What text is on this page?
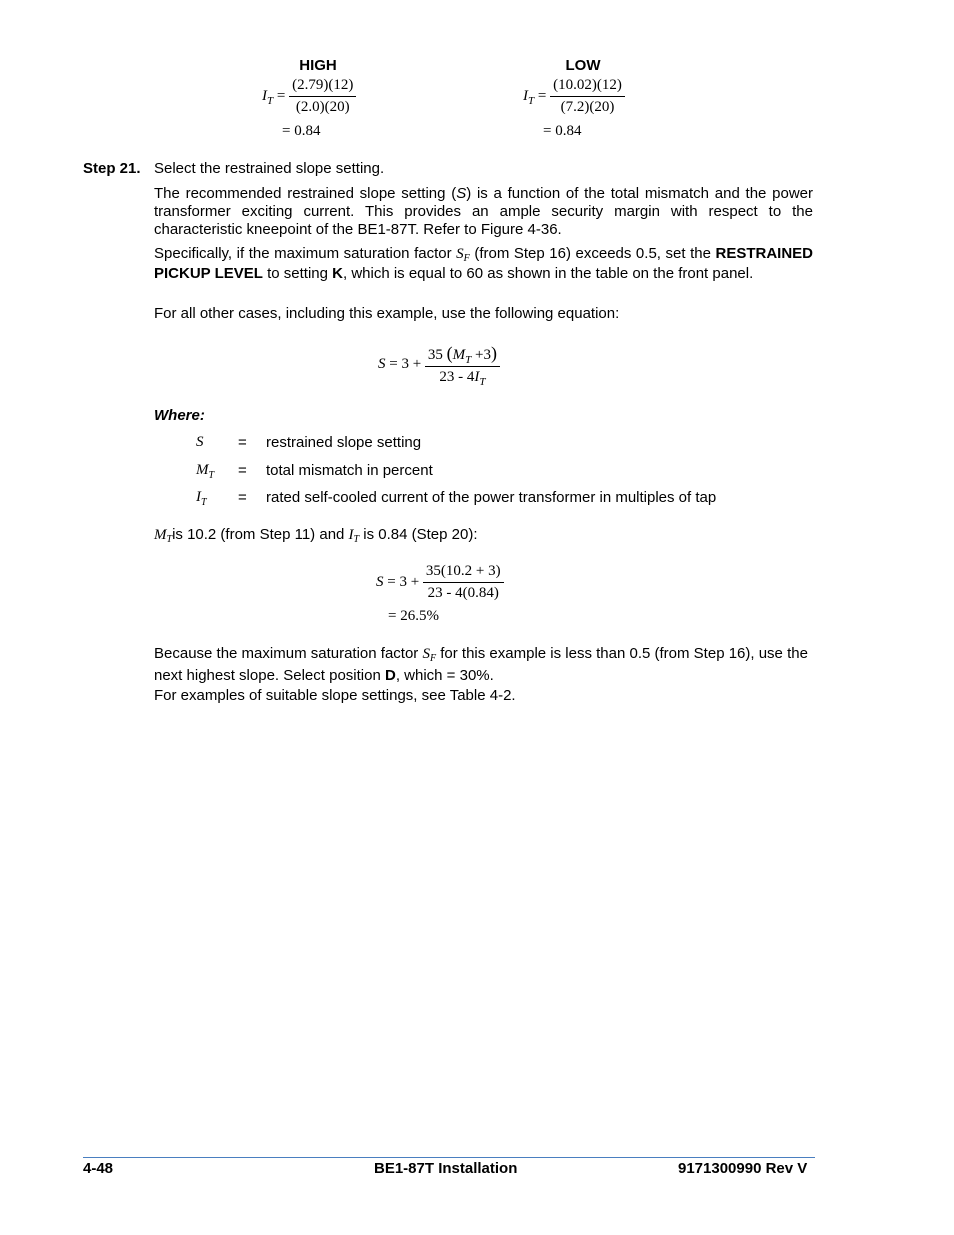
HIGH
$I_T = \frac{(2.79)(12)}{(2.0)(20)}$
= 0.84
LOW
$I_T = \frac{(10.02)(12)}{(7.2)(20)}$
= 0.84
Step 21. Select the restrained slope setting.
The recommended restrained slope setting (S) is a function of the total mismatch and the power transformer exciting current. This provides an ample security margin with respect to the characteristic kneepoint of the BE1-87T. Refer to Figure 4-36.
Specifically, if the maximum saturation factor $S_F$ (from Step 16) exceeds 0.5, set the RESTRAINED PICKUP LEVEL to setting K, which is equal to 60 as shown in the table on the front panel.
For all other cases, including this example, use the following equation:
$S = 3 + \frac{35 (M_T +3)}{23 - 4I_T}$
Where:
S = restrained slope setting
$M_T$ = total mismatch in percent
$I_T$ = rated self-cooled current of the power transformer in multiples of tap
$M_Tis$ 10.2 (from Step 11) and $I_T$ is 0.84 (Step 20):
$S = 3 + \frac{35(10.2 + 3)}{23 - 4(0.84)}$
= 26.5%
Because the maximum saturation factor $S_F$ for this example is less than 0.5 (from Step 16), use the next highest slope. Select position D, which = 30%.
For examples of suitable slope settings, see Table 4-2.
4-48	BE1-87T Installation	9171300990 Rev V
